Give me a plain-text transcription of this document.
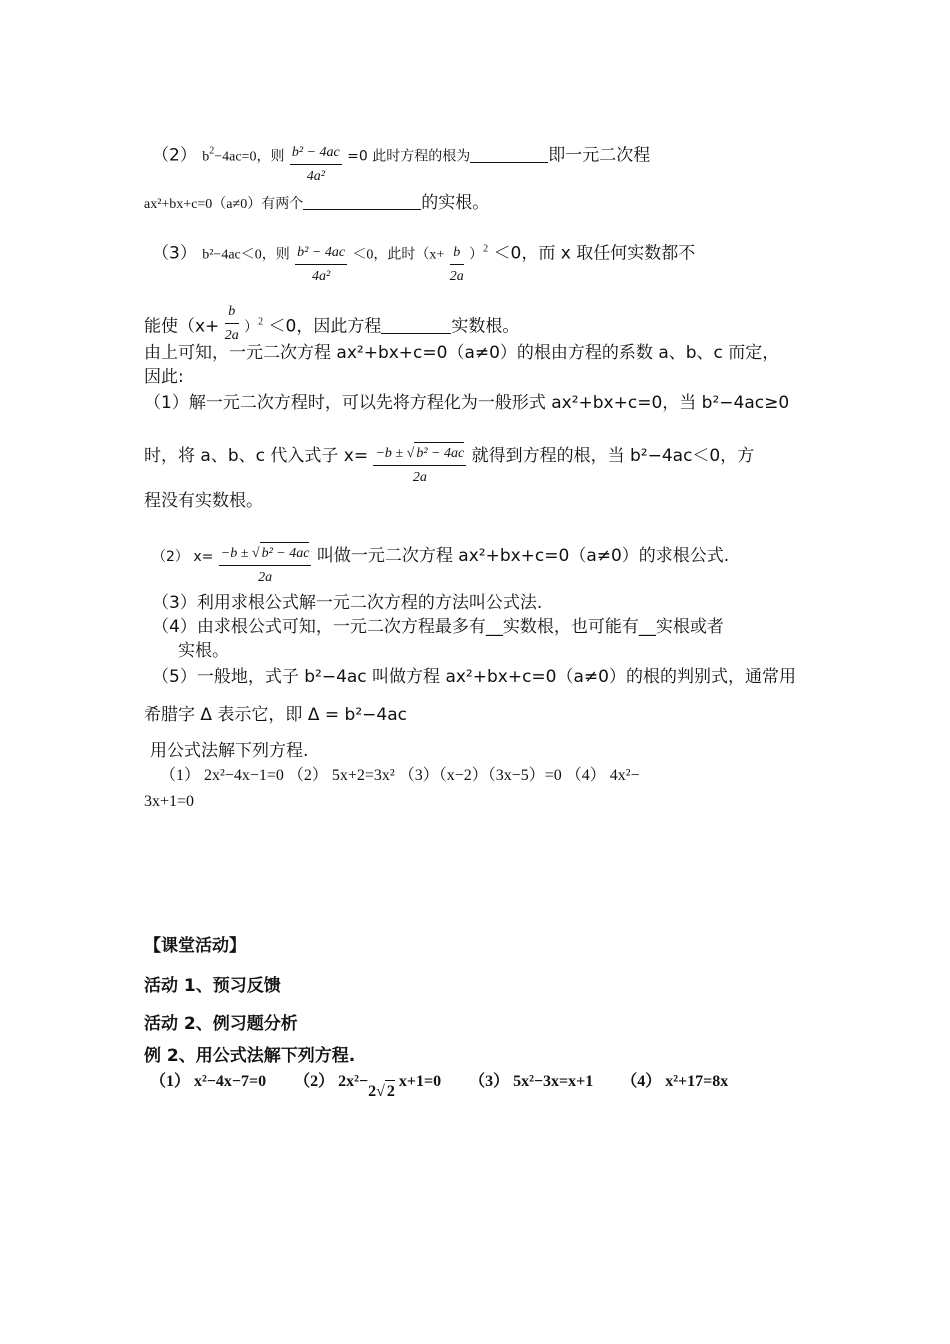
（2） $b^2-4ac=0$，则 $\frac{\text{b² − 4ac}}{\text{4a²}} =0$ 此时方程的根为	即一元二次程
ax²+bx+c=0（a≠0）有两个	的实根。
（3） b²−4ac＜0，则 $\frac{\text{b² − 4ac}}{\text{4a²}} <0$，此时$(x+ \frac{b}{2a} )^2 <0$，而 x 取任何实数都不
能使$(x+ \frac{b}{2a} )^2 <0$，因此方程	实数根。
由上可知，一元二次方程 ax²+bx+c=0（a≠0）的根由方程的系数 a、b、c 而定，
因此:
（1）解一元二次方程时，可以先将方程化为一般形式 ax²+bx+c=0，当 b²−4ac≥0
时，将 a、b、c 代入式子 $x= \frac{\text{−b ± √ b² − 4ac}}{2a}$ 就得到方程的根，当 b²−4ac＜0，方
程没有实数根。
（2） $x= \frac{\text{−b ± √ b² − 4ac}}{2a}$ 叫做一元二次方程 ax²+bx+c=0（a≠0）的求根公式.
（3）利用求根公式解一元二次方程的方法叫公式法.
（4）由求根公式可知，一元二次方程最多有__实数根，也可能有__实根或者
实根。
（5）一般地，式子 b²−4ac 叫做方程 ax²+bx+c=0（a≠0）的根的判别式，通常用
希腊字 Δ 表示它，即 Δ = b²−4ac
用公式法解下列方程.
（1） 2x²−4x−1=0 （2） 5x+2=3x² （3）（x−2）（3x−5）=0 （4） 4x²−
3x+1=0
【课堂活动】
活动 1、预习反馈
活动 2、例习题分析
例 2、用公式法解下列方程.
（1） x²−4x−7=0 （2） 2x²−2√ 2 x+1=0 （3） 5x²−3x=x+1 （4） x²+17=8x
